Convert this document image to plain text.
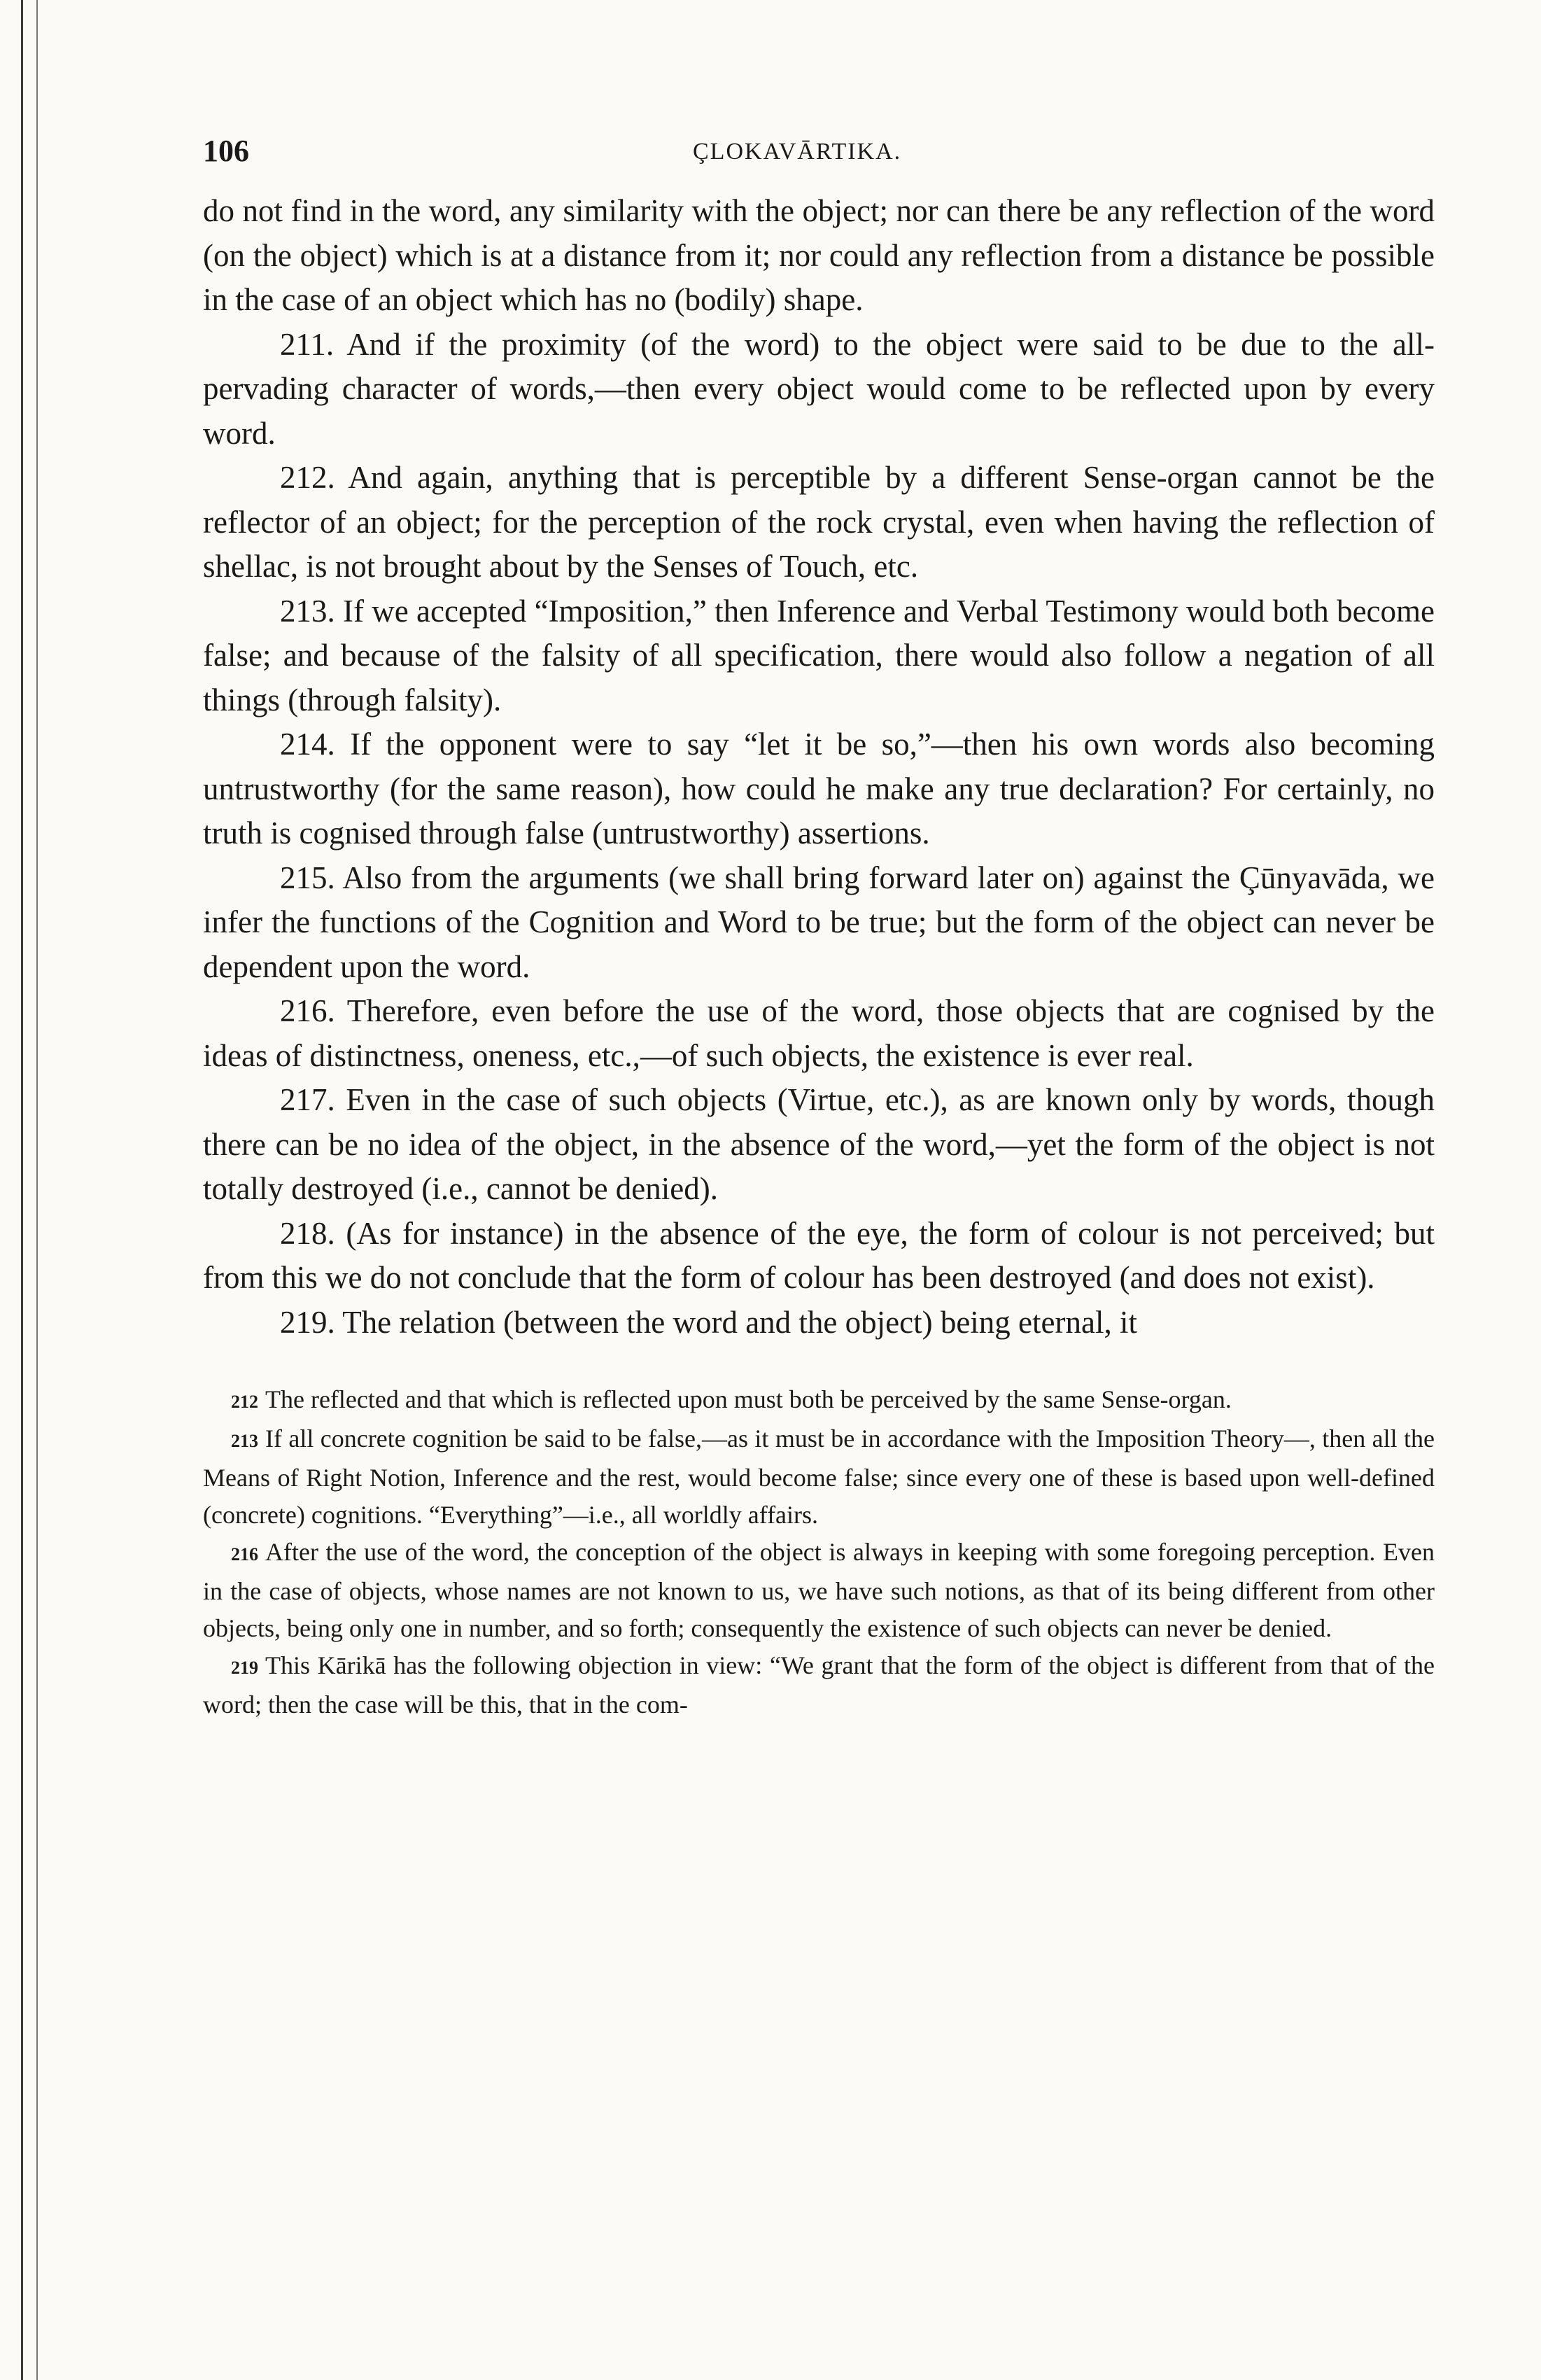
106	ÇLOKAVĀRTIKA.

do not find in the word, any similarity with the object; nor can there be any reflection of the word (on the object) which is at a distance from it; nor could any reflection from a distance be possible in the case of an object which has no (bodily) shape.

211. And if the proximity (of the word) to the object were said to be due to the all-pervading character of words,—then every object would come to be reflected upon by every word.

212. And again, anything that is perceptible by a different Sense-organ cannot be the reflector of an object; for the perception of the rock crystal, even when having the reflection of shellac, is not brought about by the Senses of Touch, etc.

213. If we accepted “Imposition,” then Inference and Verbal Testimony would both become false; and because of the falsity of all specification, there would also follow a negation of all things (through falsity).

214. If the opponent were to say “let it be so,”—then his own words also becoming untrustworthy (for the same reason), how could he make any true declaration? For certainly, no truth is cognised through false (untrustworthy) assertions.

215. Also from the arguments (we shall bring forward later on) against the Çūnyavāda, we infer the functions of the Cognition and Word to be true; but the form of the object can never be dependent upon the word.

216. Therefore, even before the use of the word, those objects that are cognised by the ideas of distinctness, oneness, etc.,—of such objects, the existence is ever real.

217. Even in the case of such objects (Virtue, etc.), as are known only by words, though there can be no idea of the object, in the absence of the word,—yet the form of the object is not totally destroyed (i.e., cannot be denied).

218. (As for instance) in the absence of the eye, the form of colour is not perceived; but from this we do not conclude that the form of colour has been destroyed (and does not exist).

219. The relation (between the word and the object) being eternal, it

212 The reflected and that which is reflected upon must both be perceived by the same Sense-organ.

213 If all concrete cognition be said to be false,—as it must be in accordance with the Imposition Theory—, then all the Means of Right Notion, Inference and the rest, would become false; since every one of these is based upon well-defined (concrete) cognitions. “Everything”—i.e., all worldly affairs.

216 After the use of the word, the conception of the object is always in keeping with some foregoing perception. Even in the case of objects, whose names are not known to us, we have such notions, as that of its being different from other objects, being only one in number, and so forth; consequently the existence of such objects can never be denied.

219 This Kārikā has the following objection in view: “We grant that the form of the object is different from that of the word; then the case will be this, that in the com-
